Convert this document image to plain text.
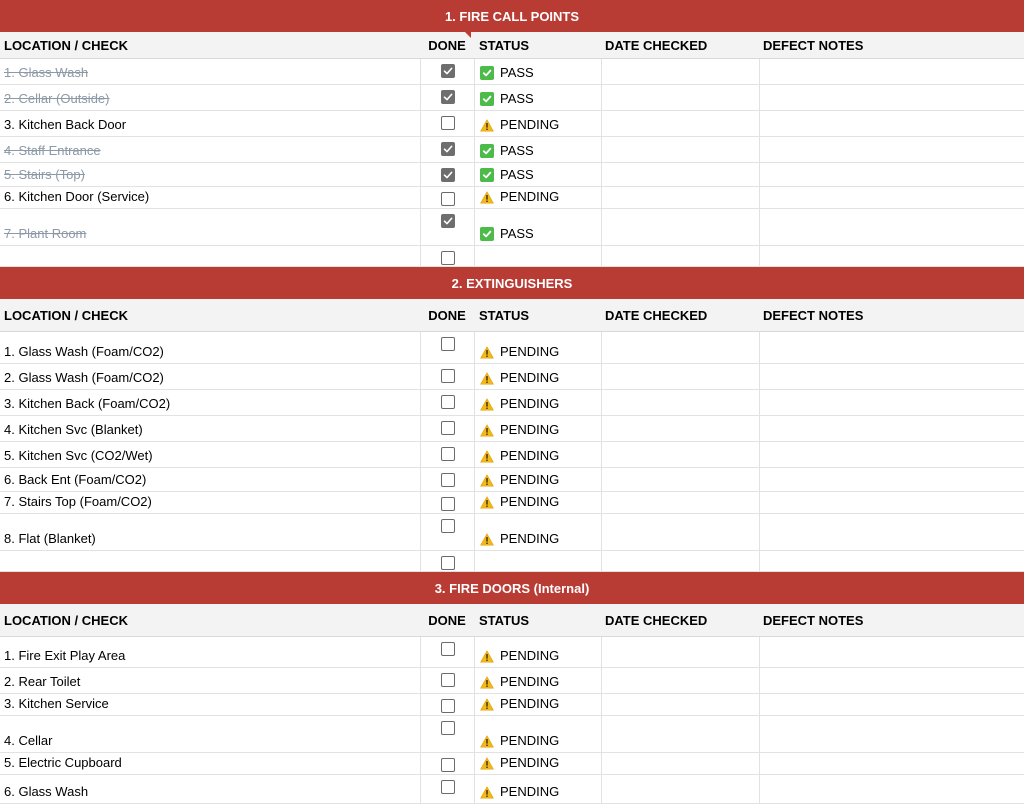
1. FIRE CALL POINTS
LOCATION / CHECK	DONE	STATUS	DATE CHECKED	DEFECT NOTES
1. Glass Wash	PASS
2. Cellar (Outside)	PASS
3. Kitchen Back Door	PENDING
4. Staff Entrance	PASS
5. Stairs (Top)	PASS
6. Kitchen Door (Service)	PENDING
7. Plant Room	PASS
2. EXTINGUISHERS
LOCATION / CHECK	DONE	STATUS	DATE CHECKED	DEFECT NOTES
1. Glass Wash (Foam/CO2)	PENDING
2. Glass Wash (Foam/CO2)	PENDING
3. Kitchen Back (Foam/CO2)	PENDING
4. Kitchen Svc (Blanket)	PENDING
5. Kitchen Svc (CO2/Wet)	PENDING
6. Back Ent (Foam/CO2)	PENDING
7. Stairs Top (Foam/CO2)	PENDING
8. Flat (Blanket)	PENDING
3. FIRE DOORS (Internal)
LOCATION / CHECK	DONE	STATUS	DATE CHECKED	DEFECT NOTES
1. Fire Exit Play Area	PENDING
2. Rear Toilet	PENDING
3. Kitchen Service	PENDING
4. Cellar	PENDING
5. Electric Cupboard	PENDING
6. Glass Wash	PENDING
